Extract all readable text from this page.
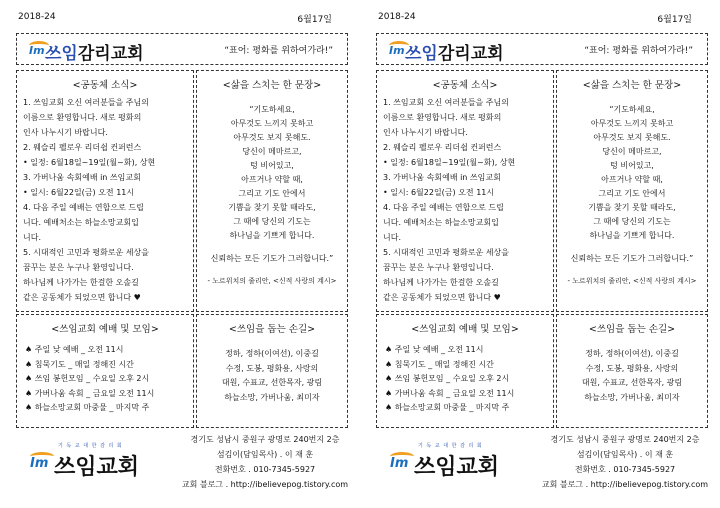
2018-24	6월17일
Im 쓰임감리교회	“표어: 평화를 위하여가라!”
<공동체 소식>
1. 쓰임교회 오신 여러분들을 주님의
이름으로 환영합니다. 새로 평화의
인사 나누시기 바랍니다.
2. 웨슬리 펠로우 리더쉽 컨퍼런스
• 일정: 6월18일~19일(월~화), 상현
3. 가버나움 속회예배 in 쓰임교회
• 일시: 6월22일(금) 오전 11시
4. 다음 주일 예배는 연합으로 드립
니다. 예배처소는 하늘소망교회입
니다.
5. 시대적인 고민과 평화로운 세상을
꿈꾸는 분은 누구나 환영입니다.
하나님께 나가가는 한걸한 오솔길
같은 공동체가 되었으면 합니다 ♥
<삶을 스치는 한 문장>
“기도하세요,
아무것도 느끼지 못하고
아무것도 보지 못해도.
당신이 메마르고,
텅 비어있고,
아프거나 약할 때,
그리고 기도 안에서
기쁨을 찾기 못할 때라도,
그 때에 당신의 기도는
하나님을 기쁘게 합니다.
신뢰하는 모든 기도가 그러합니다.”
- 노르위치의 줄리안, <신적 사랑의 계시>
<쓰임교회 예배 및 모임>
♠ 주일 낮 예배 _ 오전 11시
♠ 침묵기도 _ 매일 정해진 시간
♠ 쓰임 봉헌모임 _ 수요일 오후 2시
♠ 가버나움 속회 _ 금요일 오전 11시
♠ 하늘소망교회 마중물 _ 마지막 주
<쓰임을 돕는 손길>
정하, 정하(이여선), 이중길
수정, 도봉, 평화용, 사랑의
대원, 수표교, 선한목자, 광림
하늘소망, 가버나움, 최미자
기 독 교 대 한 감 리 회
Im 쓰임교회
경기도 성남시 중원구 광명로 240번지 2층
섬김이(담임목사) . 이 재 훈
전화번호 . 010-7345-5927
교회 블로그 . http://ibelievepog.tistory.com
2018-24	6월17일
Im 쓰임감리교회	“표어: 평화를 위하여가라!”
<공동체 소식>
1. 쓰임교회 오신 여러분들을 주님의
이름으로 환영합니다. 새로 평화의
인사 나누시기 바랍니다.
2. 웨슬리 펠로우 리더쉽 컨퍼런스
• 일정: 6월18일~19일(월~화), 상현
3. 가버나움 속회예배 in 쓰임교회
• 일시: 6월22일(금) 오전 11시
4. 다음 주일 예배는 연합으로 드립
니다. 예배처소는 하늘소망교회입
니다.
5. 시대적인 고민과 평화로운 세상을
꿈꾸는 분은 누구나 환영입니다.
하나님께 나가가는 한걸한 오솔길
같은 공동체가 되었으면 합니다 ♥
<삶을 스치는 한 문장>
“기도하세요,
아무것도 느끼지 못하고
아무것도 보지 못해도.
당신이 메마르고,
텅 비어있고,
아프거나 약할 때,
그리고 기도 안에서
기쁨을 찾기 못할 때라도,
그 때에 당신의 기도는
하나님을 기쁘게 합니다.
신뢰하는 모든 기도가 그러합니다.”
- 노르위치의 줄리안, <신적 사랑의 계시>
<쓰임교회 예배 및 모임>
♠ 주일 낮 예배 _ 오전 11시
♠ 침묵기도 _ 매일 정해진 시간
♠ 쓰임 봉헌모임 _ 수요일 오후 2시
♠ 가버나움 속회 _ 금요일 오전 11시
♠ 하늘소망교회 마중물 _ 마지막 주
<쓰임을 돕는 손길>
정하, 정하(이여선), 이중길
수정, 도봉, 평화용, 사랑의
대원, 수표교, 선한목자, 광림
하늘소망, 가버나움, 최미자
기 독 교 대 한 감 리 회
Im 쓰임교회
경기도 성남시 중원구 광명로 240번지 2층
섬김이(담임목사) . 이 재 훈
전화번호 . 010-7345-5927
교회 블로그 . http://ibelievepog.tistory.com
